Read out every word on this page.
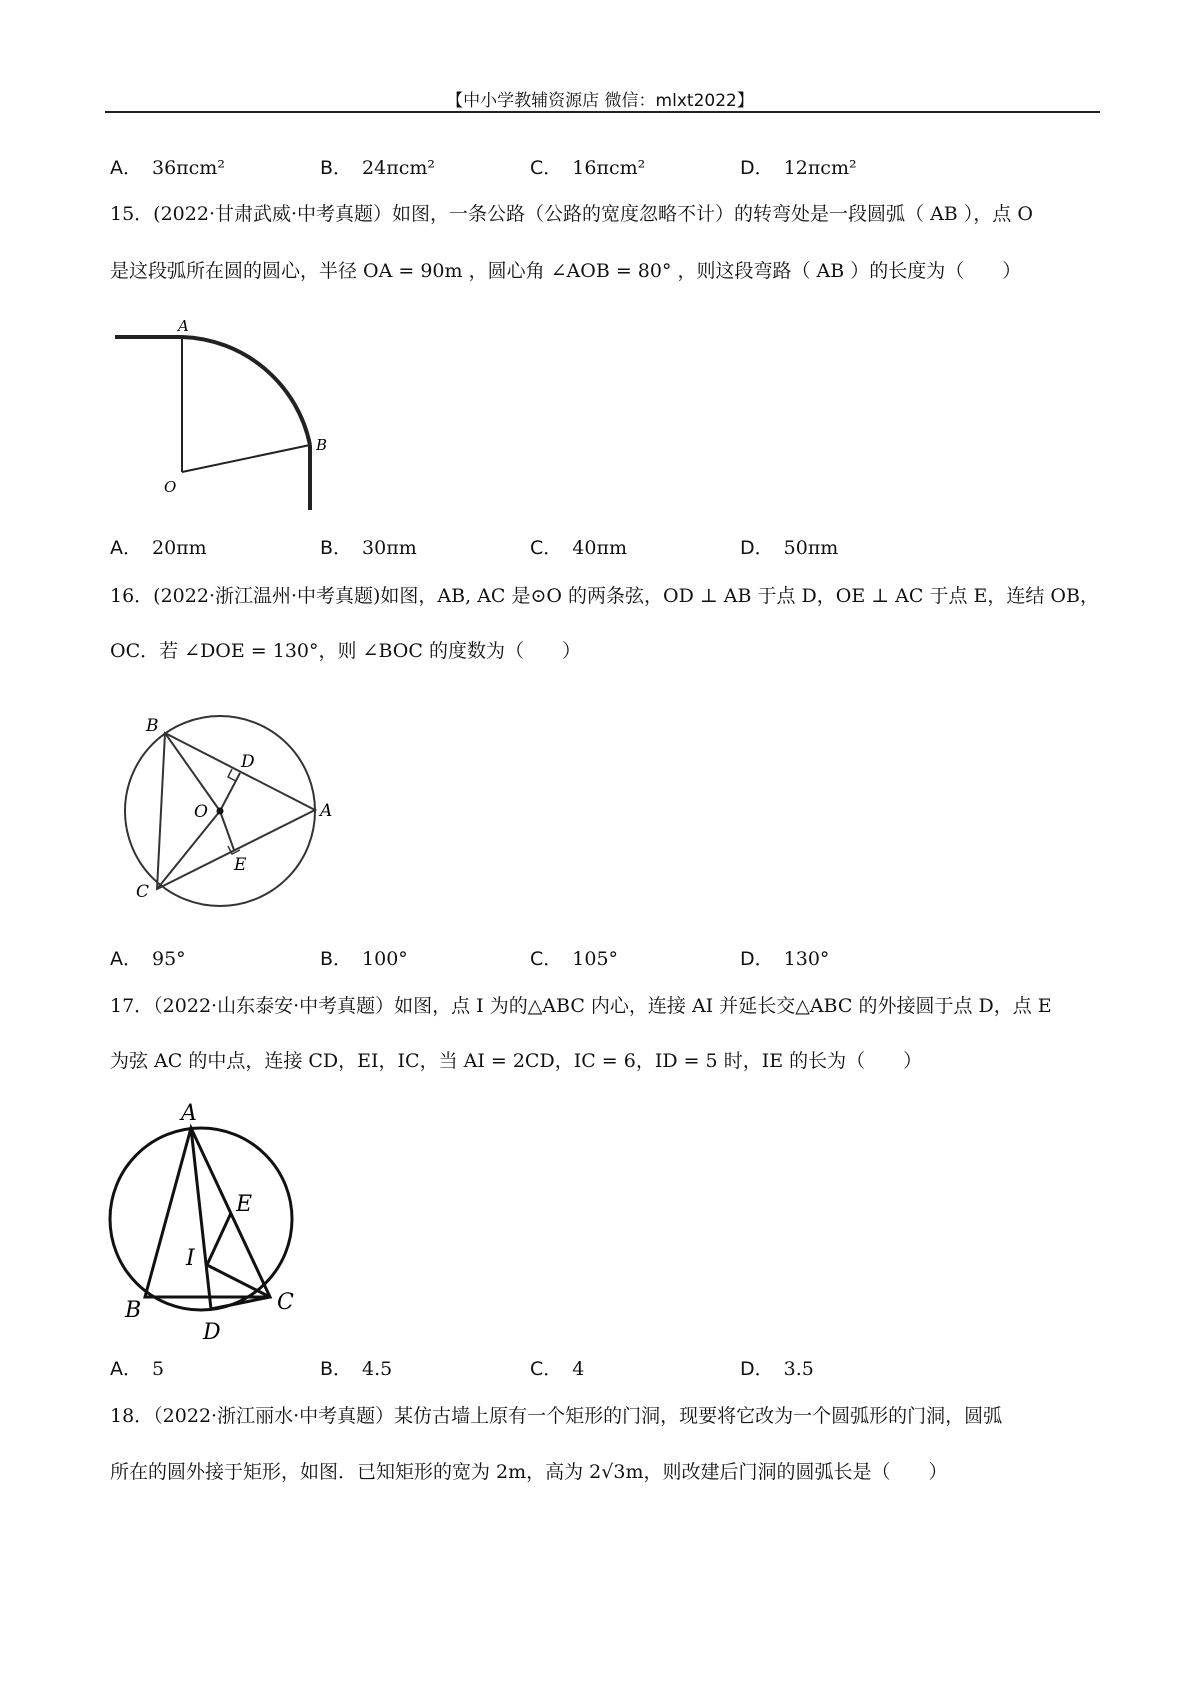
【中小学教辅资源店 微信：mlxt2022】
A． 36πcm²	B． 24πcm²	C． 16πcm²	D． 12πcm²
15．(2022·甘肃武威·中考真题）如图，一条公路（公路的宽度忽略不计）的转弯处是一段圆弧（ AB ），点 O
是这段弧所在圆的圆心，半径 OA = 90m ，圆心角 ∠AOB = 80° ，则这段弯路（ AB ）的长度为（　　）
A
B
O
A． 20πm	B． 30πm	C． 40πm	D． 50πm
16．(2022·浙江温州·中考真题)如图，AB, AC 是⊙O 的两条弦，OD ⊥ AB 于点 D，OE ⊥ AC 于点 E，连结 OB，
OC．若 ∠DOE = 130°，则 ∠BOC 的度数为（　　）
B
D
O	A
E
C
A． 95°	B． 100°	C． 105°	D． 130°
17．（2022·山东泰安·中考真题）如图，点 I 为的△ABC 内心，连接 AI 并延长交△ABC 的外接圆于点 D，点 E
为弦 AC 的中点，连接 CD，EI，IC，当 AI = 2CD，IC = 6，ID = 5 时，IE 的长为（　　）
A
E
I
B	C
D
A． 5	B． 4.5	C． 4	D． 3.5
18．（2022·浙江丽水·中考真题）某仿古墙上原有一个矩形的门洞，现要将它改为一个圆弧形的门洞，圆弧
所在的圆外接于矩形，如图．已知矩形的宽为 2m，高为 2√3m，则改建后门洞的圆弧长是（　　）
